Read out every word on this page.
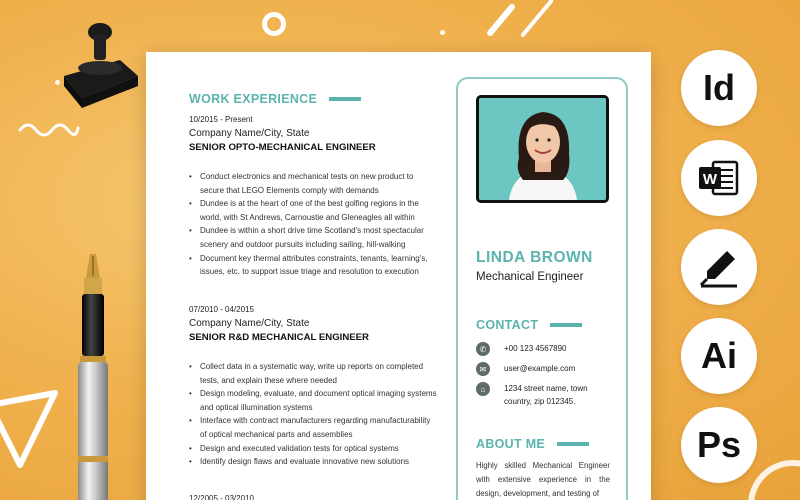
WORK EXPERIENCE
10/2015 - Present
Company Name/City, State
SENIOR OPTO-MECHANICAL ENGINEER
• Conduct electronics and mechanical tests on new product to secure that LEGO Elements comply with demands
• Dundee is at the heart of one of the best golfing regions in the world, with St Andrews, Carnoustie and Gleneagles all within
• Dundee is within a short drive time Scotland's most spectacular scenery and outdoor pursuits including sailing, hill-walking
• Document key thermal attributes constraints, tenants, learning's, issues, etc. to support issue triage and resolution to execution
07/2010 - 04/2015
Company Name/City, State
SENIOR R&D MECHANICAL ENGINEER
• Collect data in a systematic way, write up reports on completed tests, and explain these where needed
• Design modeling, evaluate, and document optical imaging systems and optical illumination systems
• Interface with contract manufacturers regarding manufacturability of optical mechanical parts and assemblies
• Design and executed validation tests for optical systems
• Identify design flaws and evaluate innovative new solutions
12/2005 - 03/2010
LINDA BROWN
Mechanical Engineer
CONTACT
✆	+00 123 4567890
✉	user@example.com
⌂	1234 street name, town country, zip 012345.
ABOUT ME
Highly skilled Mechanical Engineer with extensive experience in the design, development, and testing of
Id
W
Ai
Ps
